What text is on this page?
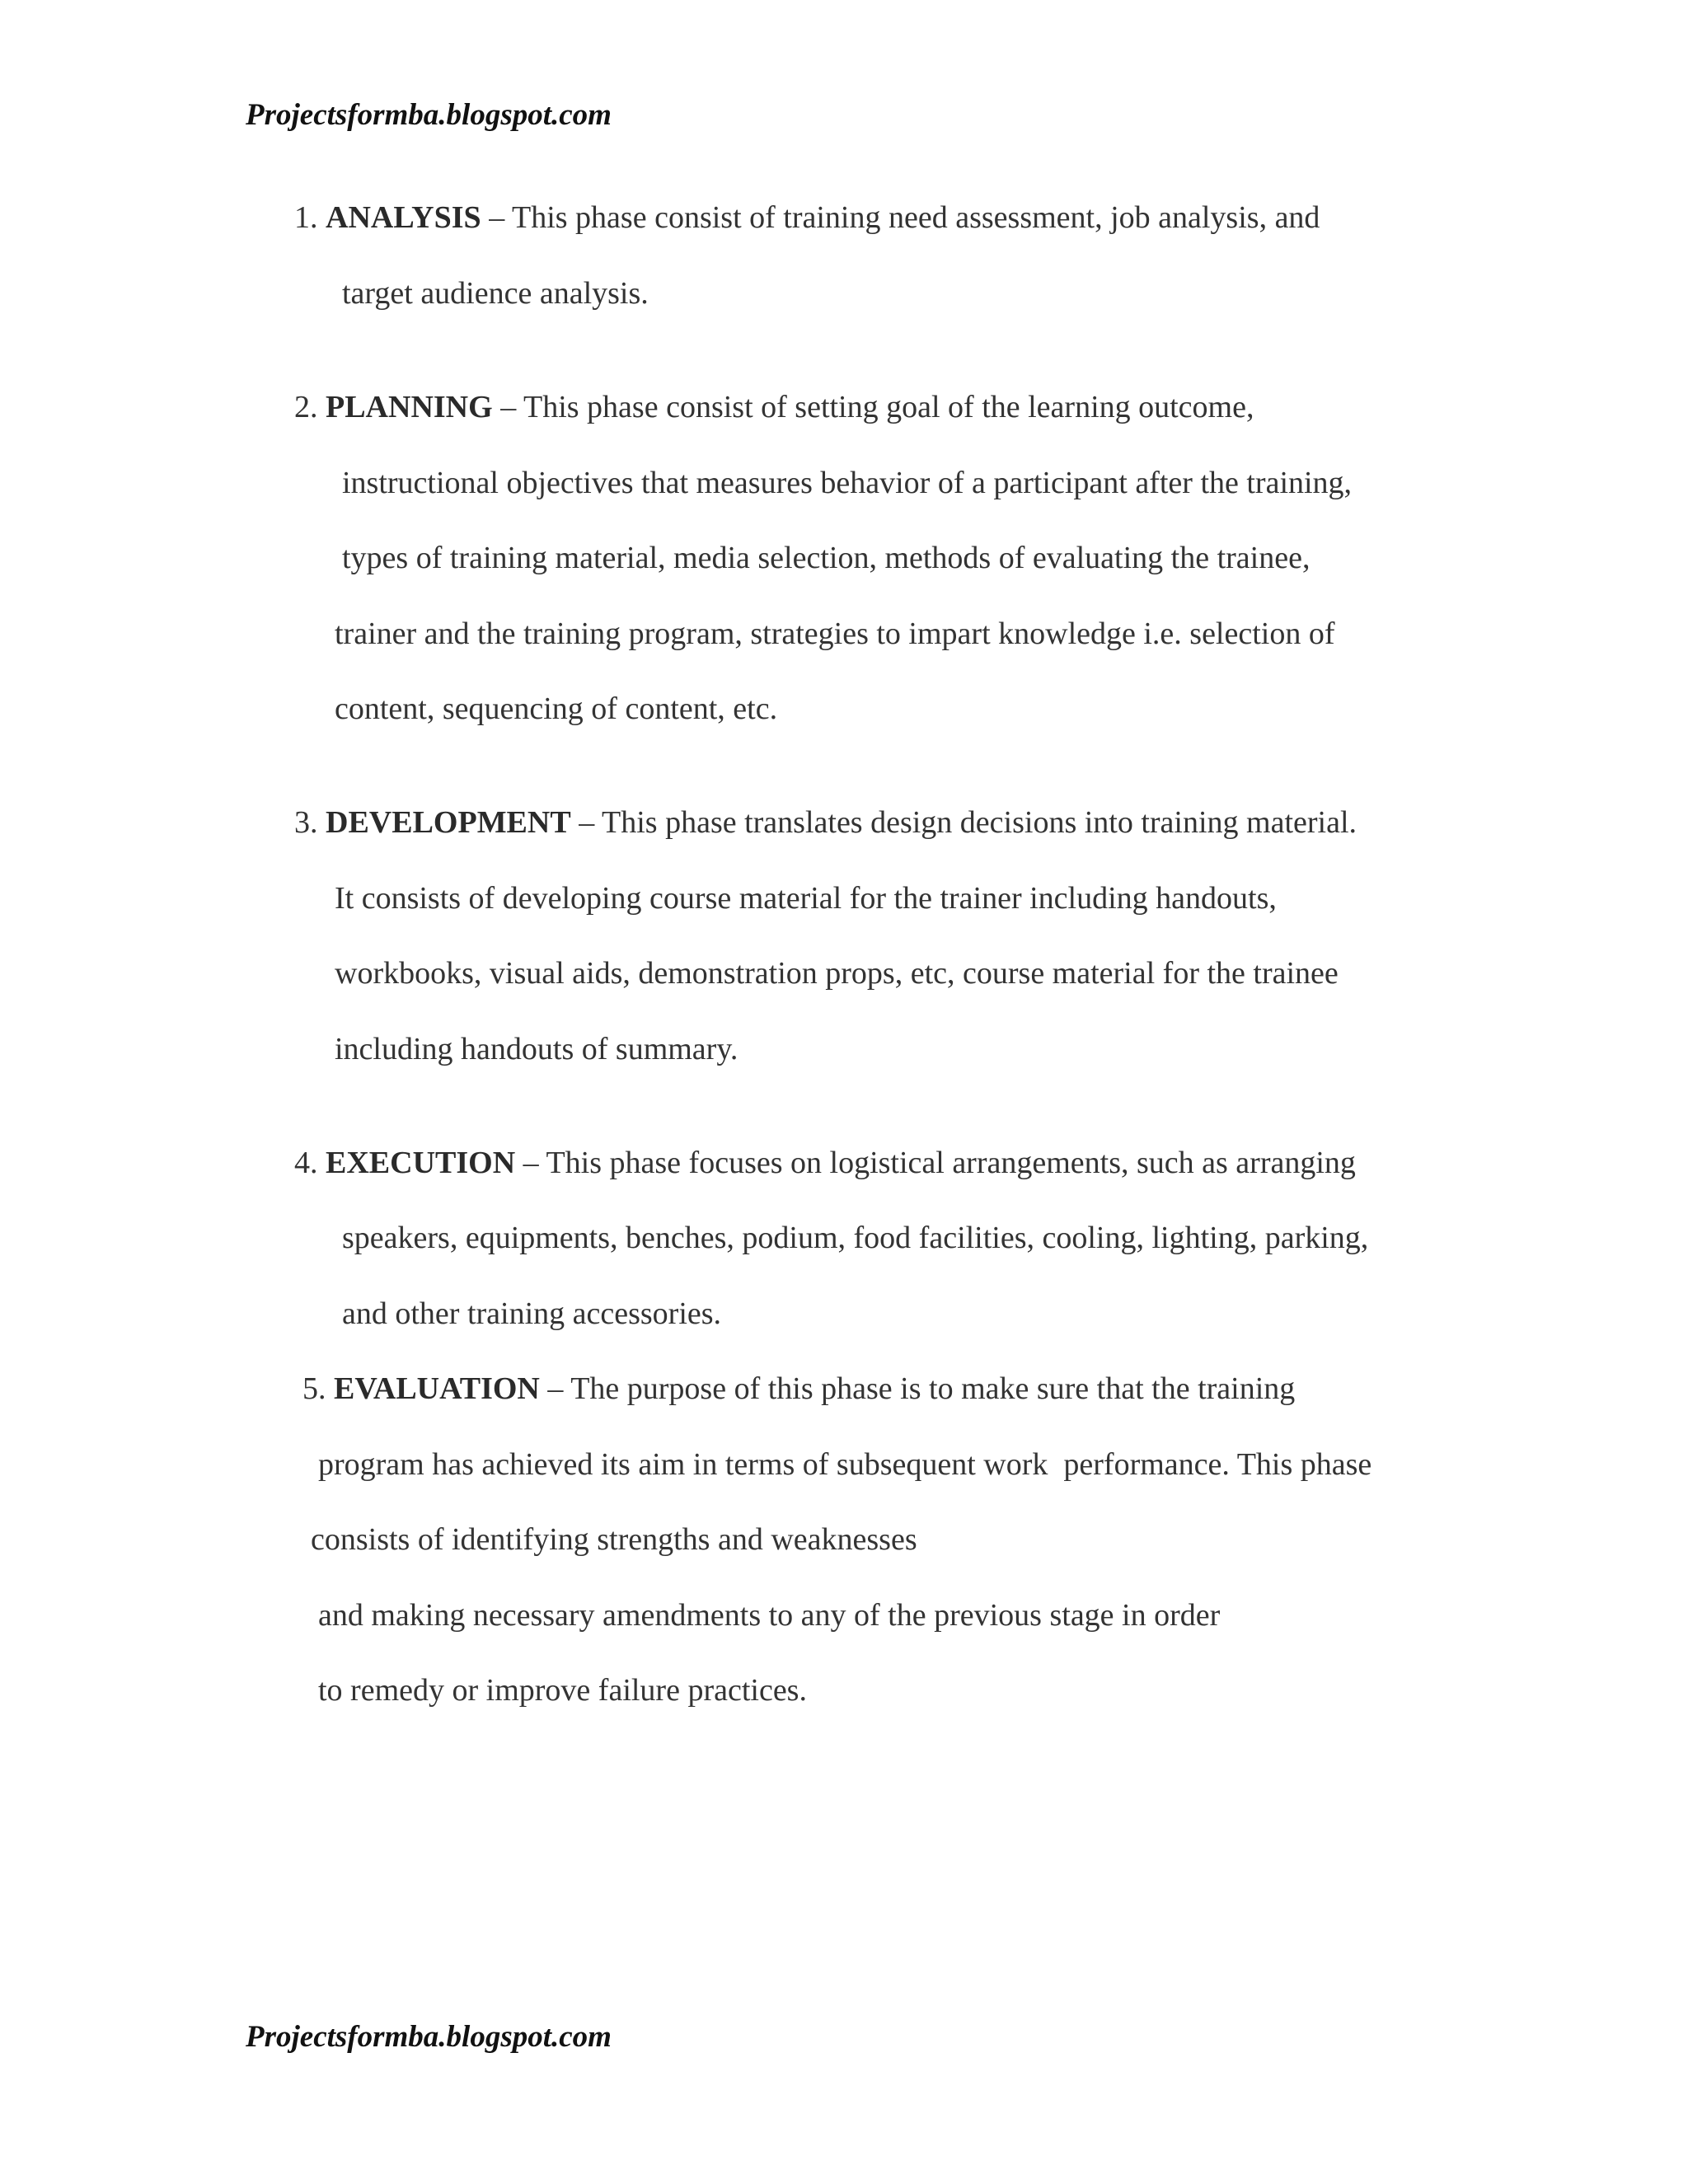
Projectsformba.blogspot.com
1. ANALYSIS – This phase consist of training need assessment, job analysis, and
target audience analysis.
2. PLANNING – This phase consist of setting goal of the learning outcome,
instructional objectives that measures behavior of a participant after the training,
types of training material, media selection, methods of evaluating the trainee,
trainer and the training program, strategies to impart knowledge i.e. selection of
content, sequencing of content, etc.
3. DEVELOPMENT – This phase translates design decisions into training material.
It consists of developing course material for the trainer including handouts,
workbooks, visual aids, demonstration props, etc, course material for the trainee
including handouts of summary.
4. EXECUTION – This phase focuses on logistical arrangements, such as arranging
speakers, equipments, benches, podium, food facilities, cooling, lighting, parking,
and other training accessories.
5. EVALUATION – The purpose of this phase is to make sure that the training
program has achieved its aim in terms of subsequent work  performance. This phase
consists of identifying strengths and weaknesses
and making necessary amendments to any of the previous stage in order
to remedy or improve failure practices.
Projectsformba.blogspot.com
